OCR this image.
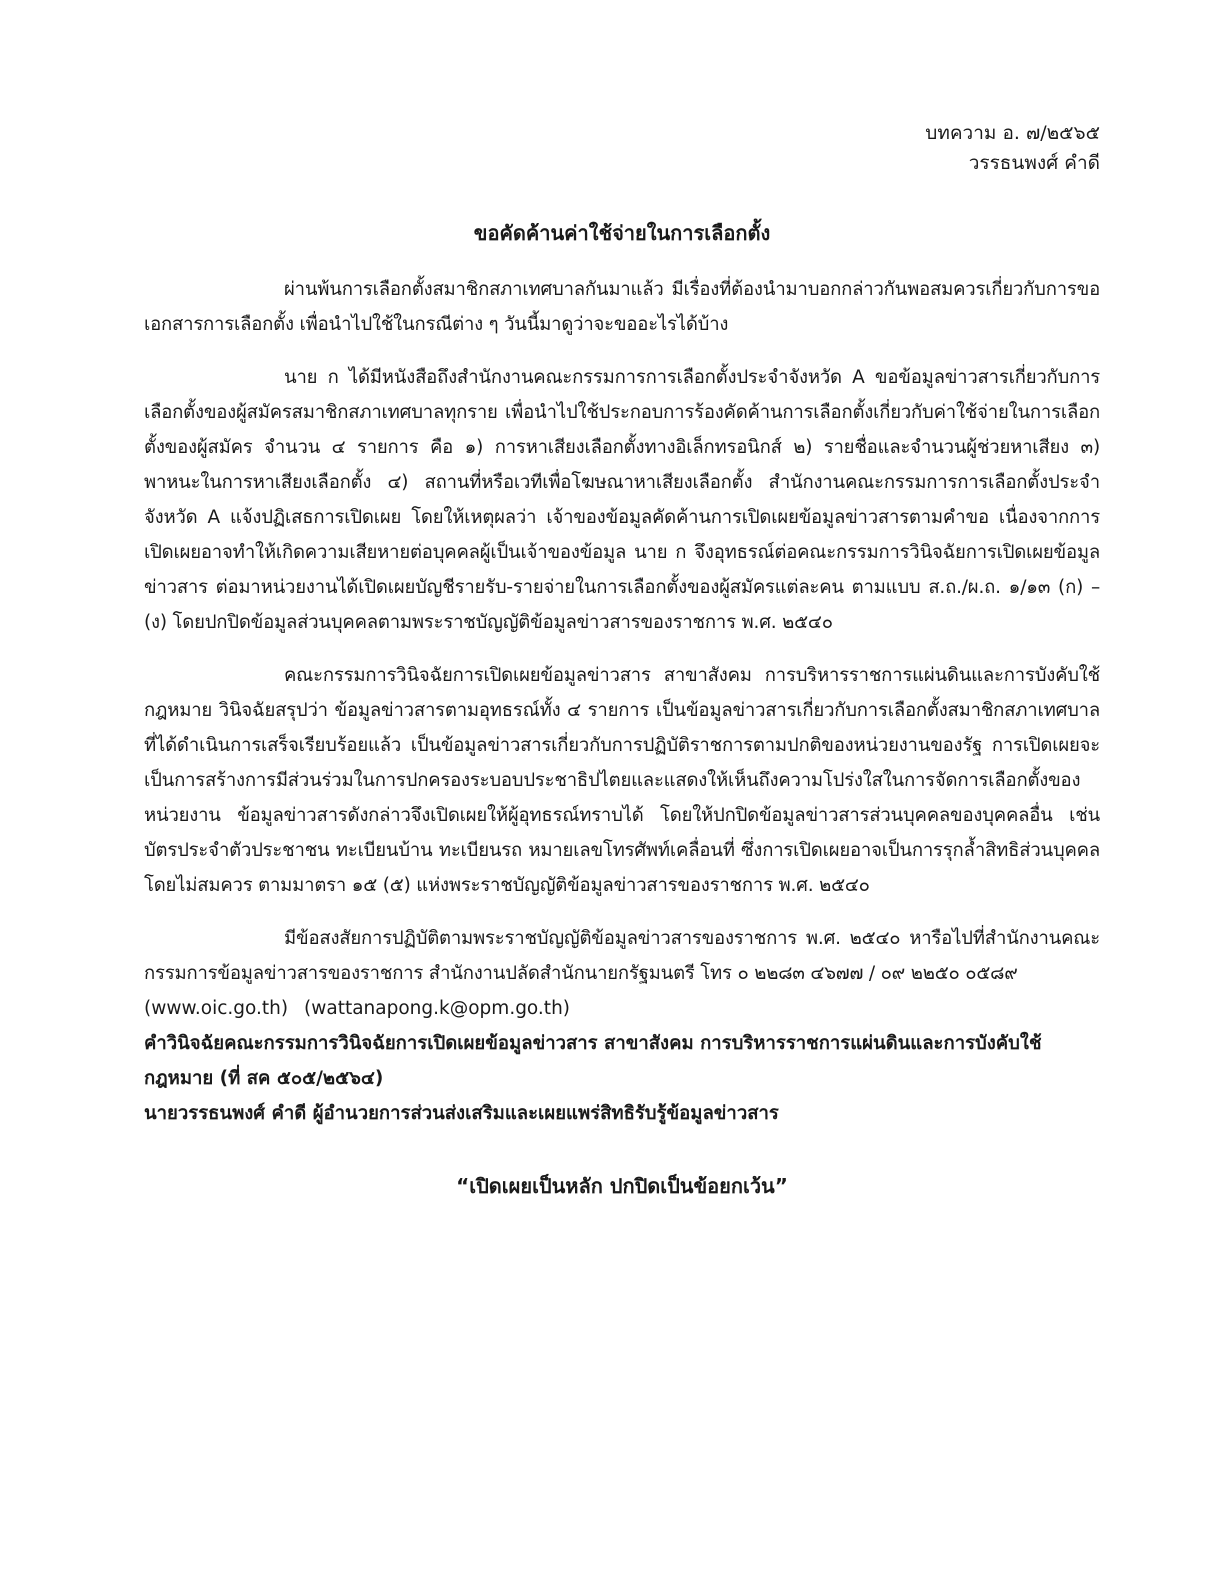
บทความ อ. ๗/๒๕๖๕
วรรธนพงศ์ คำดี
ขอคัดค้านค่าใช้จ่ายในการเลือกตั้ง

ผ่านพ้นการเลือกตั้งสมาชิกสภาเทศบาลกันมาแล้ว มีเรื่องที่ต้องนำมาบอกกล่าวกันพอสมควรเกี่ยวกับการขอเอกสารการเลือกตั้ง เพื่อนำไปใช้ในกรณีต่าง ๆ วันนี้มาดูว่าจะขออะไรได้บ้าง

นาย ก ได้มีหนังสือถึงสำนักงานคณะกรรมการการเลือกตั้งประจำจังหวัด A ขอข้อมูลข่าวสารเกี่ยวกับการเลือกตั้งของผู้สมัครสมาชิกสภาเทศบาลทุกราย เพื่อนำไปใช้ประกอบการร้องคัดค้านการเลือกตั้งเกี่ยวกับค่าใช้จ่ายในการเลือกตั้งของผู้สมัคร จำนวน ๔ รายการ คือ ๑) การหาเสียงเลือกตั้งทางอิเล็กทรอนิกส์ ๒) รายชื่อและจำนวนผู้ช่วยหาเสียง ๓) พาหนะในการหาเสียงเลือกตั้ง ๔) สถานที่หรือเวทีเพื่อโฆษณาหาเสียงเลือกตั้ง สำนักงานคณะกรรมการการเลือกตั้งประจำจังหวัด A แจ้งปฏิเสธการเปิดเผย โดยให้เหตุผลว่า เจ้าของข้อมูลคัดค้านการเปิดเผยข้อมูลข่าวสารตามคำขอ เนื่องจากการเปิดเผยอาจทำให้เกิดความเสียหายต่อบุคคลผู้เป็นเจ้าของข้อมูล นาย ก จึงอุทธรณ์ต่อคณะกรรมการวินิจฉัยการเปิดเผยข้อมูลข่าวสาร ต่อมาหน่วยงานได้เปิดเผยบัญชีรายรับ-รายจ่ายในการเลือกตั้งของผู้สมัครแต่ละคน ตามแบบ ส.ถ./ผ.ถ. ๑/๑๓ (ก) – (ง) โดยปกปิดข้อมูลส่วนบุคคลตามพระราชบัญญัติข้อมูลข่าวสารของราชการ พ.ศ. ๒๕๔๐

คณะกรรมการวินิจฉัยการเปิดเผยข้อมูลข่าวสาร สาขาสังคม การบริหารราชการแผ่นดินและการบังคับใช้กฎหมาย วินิจฉัยสรุปว่า ข้อมูลข่าวสารตามอุทธรณ์ทั้ง ๔ รายการ เป็นข้อมูลข่าวสารเกี่ยวกับการเลือกตั้งสมาชิกสภาเทศบาลที่ได้ดำเนินการเสร็จเรียบร้อยแล้ว เป็นข้อมูลข่าวสารเกี่ยวกับการปฏิบัติราชการตามปกติของหน่วยงานของรัฐ การเปิดเผยจะเป็นการสร้างการมีส่วนร่วมในการปกครองระบอบประชาธิปไตยและแสดงให้เห็นถึงความโปร่งใสในการจัดการเลือกตั้งของหน่วยงาน ข้อมูลข่าวสารดังกล่าวจึงเปิดเผยให้ผู้อุทธรณ์ทราบได้ โดยให้ปกปิดข้อมูลข่าวสารส่วนบุคคลของบุคคลอื่น เช่น บัตรประจำตัวประชาชน ทะเบียนบ้าน ทะเบียนรถ หมายเลขโทรศัพท์เคลื่อนที่ ซึ่งการเปิดเผยอาจเป็นการรุกล้ำสิทธิส่วนบุคคลโดยไม่สมควร ตามมาตรา ๑๕ (๕) แห่งพระราชบัญญัติข้อมูลข่าวสารของราชการ พ.ศ. ๒๕๔๐

มีข้อสงสัยการปฏิบัติตามพระราชบัญญัติข้อมูลข่าวสารของราชการ พ.ศ. ๒๕๔๐ หารือไปที่สำนักงานคณะกรรมการข้อมูลข่าวสารของราชการ สำนักงานปลัดสำนักนายกรัฐมนตรี โทร ๐ ๒๒๘๓ ๔๖๗๗ / ๐๙ ๒๒๕๐ ๐๕๘๙

(www.oic.go.th) (wattanapong.k@opm.go.th)

คำวินิจฉัยคณะกรรมการวินิจฉัยการเปิดเผยข้อมูลข่าวสาร สาขาสังคม การบริหารราชการแผ่นดินและการบังคับใช้กฎหมาย (ที่ สค ๕๐๕/๒๕๖๔)

นายวรรธนพงศ์ คำดี ผู้อำนวยการส่วนส่งเสริมและเผยแพร่สิทธิรับรู้ข้อมูลข่าวสาร

“เปิดเผยเป็นหลัก ปกปิดเป็นข้อยกเว้น”
